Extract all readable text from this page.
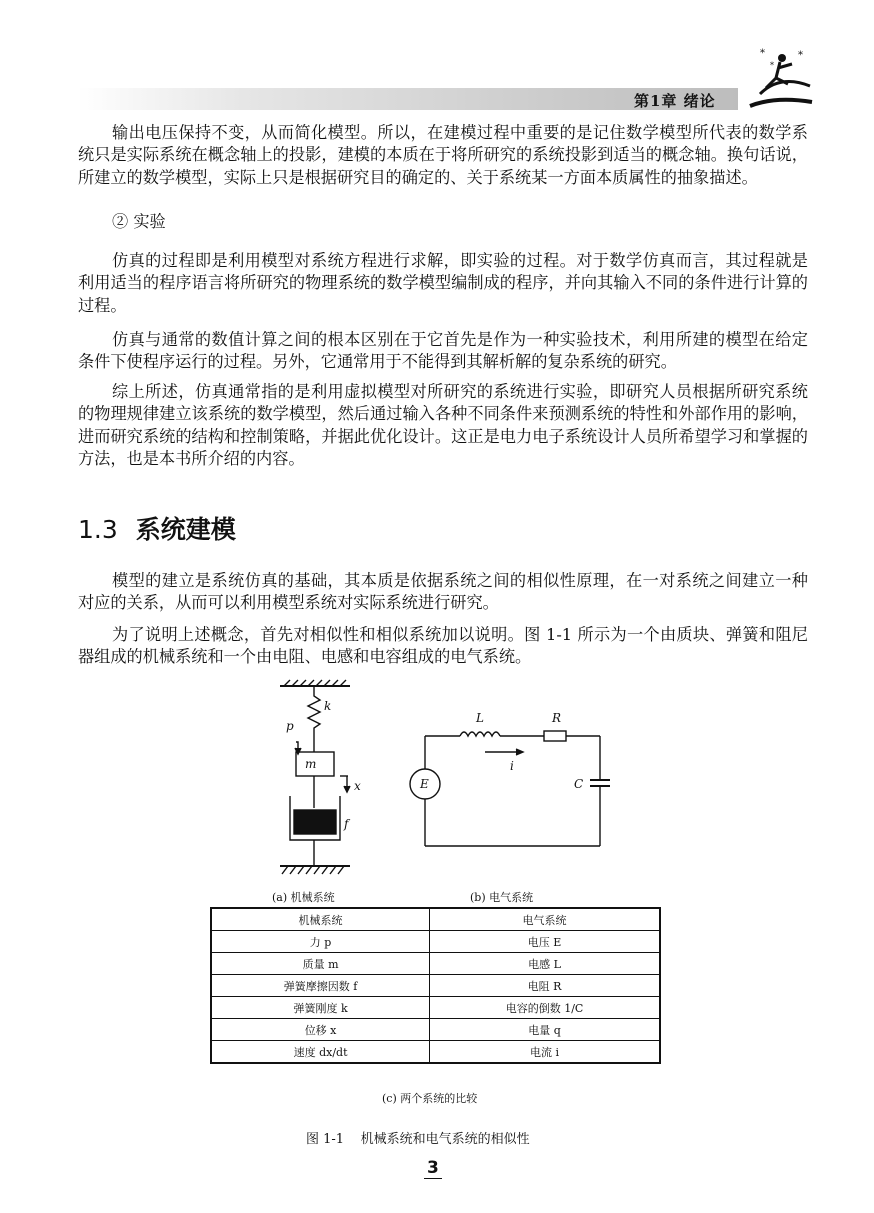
第1章 绪论
*	*
*

输出电压保持不变，从而简化模型。所以，在建模过程中重要的是记住数学模型所代表的数学系统只是实际系统在概念轴上的投影，建模的本质在于将所研究的系统投影到适当的概念轴。换句话说，所建立的数学模型，实际上只是根据研究目的确定的、关于系统某一方面本质属性的抽象描述。

② 实验

仿真的过程即是利用模型对系统方程进行求解，即实验的过程。对于数学仿真而言，其过程就是利用适当的程序语言将所研究的物理系统的数学模型编制成的程序，并向其输入不同的条件进行计算的过程。

仿真与通常的数值计算之间的根本区别在于它首先是作为一种实验技术，利用所建的模型在给定条件下使程序运行的过程。另外，它通常用于不能得到其解析解的复杂系统的研究。

综上所述，仿真通常指的是利用虚拟模型对所研究的系统进行实验，即研究人员根据所研究系统的物理规律建立该系统的数学模型，然后通过输入各种不同条件来预测系统的特性和外部作用的影响，进而研究系统的结构和控制策略，并据此优化设计。这正是电力电子系统设计人员所希望学习和掌握的方法，也是本书所介绍的内容。

1.3 系统建模

模型的建立是系统仿真的基础，其本质是依据系统之间的相似性原理，在一对系统之间建立一种对应的关系，从而可以利用模型系统对实际系统进行研究。

为了说明上述概念，首先对相似性和相似系统加以说明。图 1-1 所示为一个由质块、弹簧和阻尼器组成的机械系统和一个由电阻、电感和电容组成的电气系统。

k
p
m
x
f
L	R
i
E	C
(a) 机械系统	(b) 电气系统
机械系统	电气系统
力 p	电压 E
质量 m	电感 L
弹簧摩擦因数 f	电阻 R
弹簧刚度 k	电容的倒数 1/C
位移 x	电量 q
速度 dx/dt	电流 i
(c) 两个系统的比较
图 1-1    机械系统和电气系统的相似性
3
